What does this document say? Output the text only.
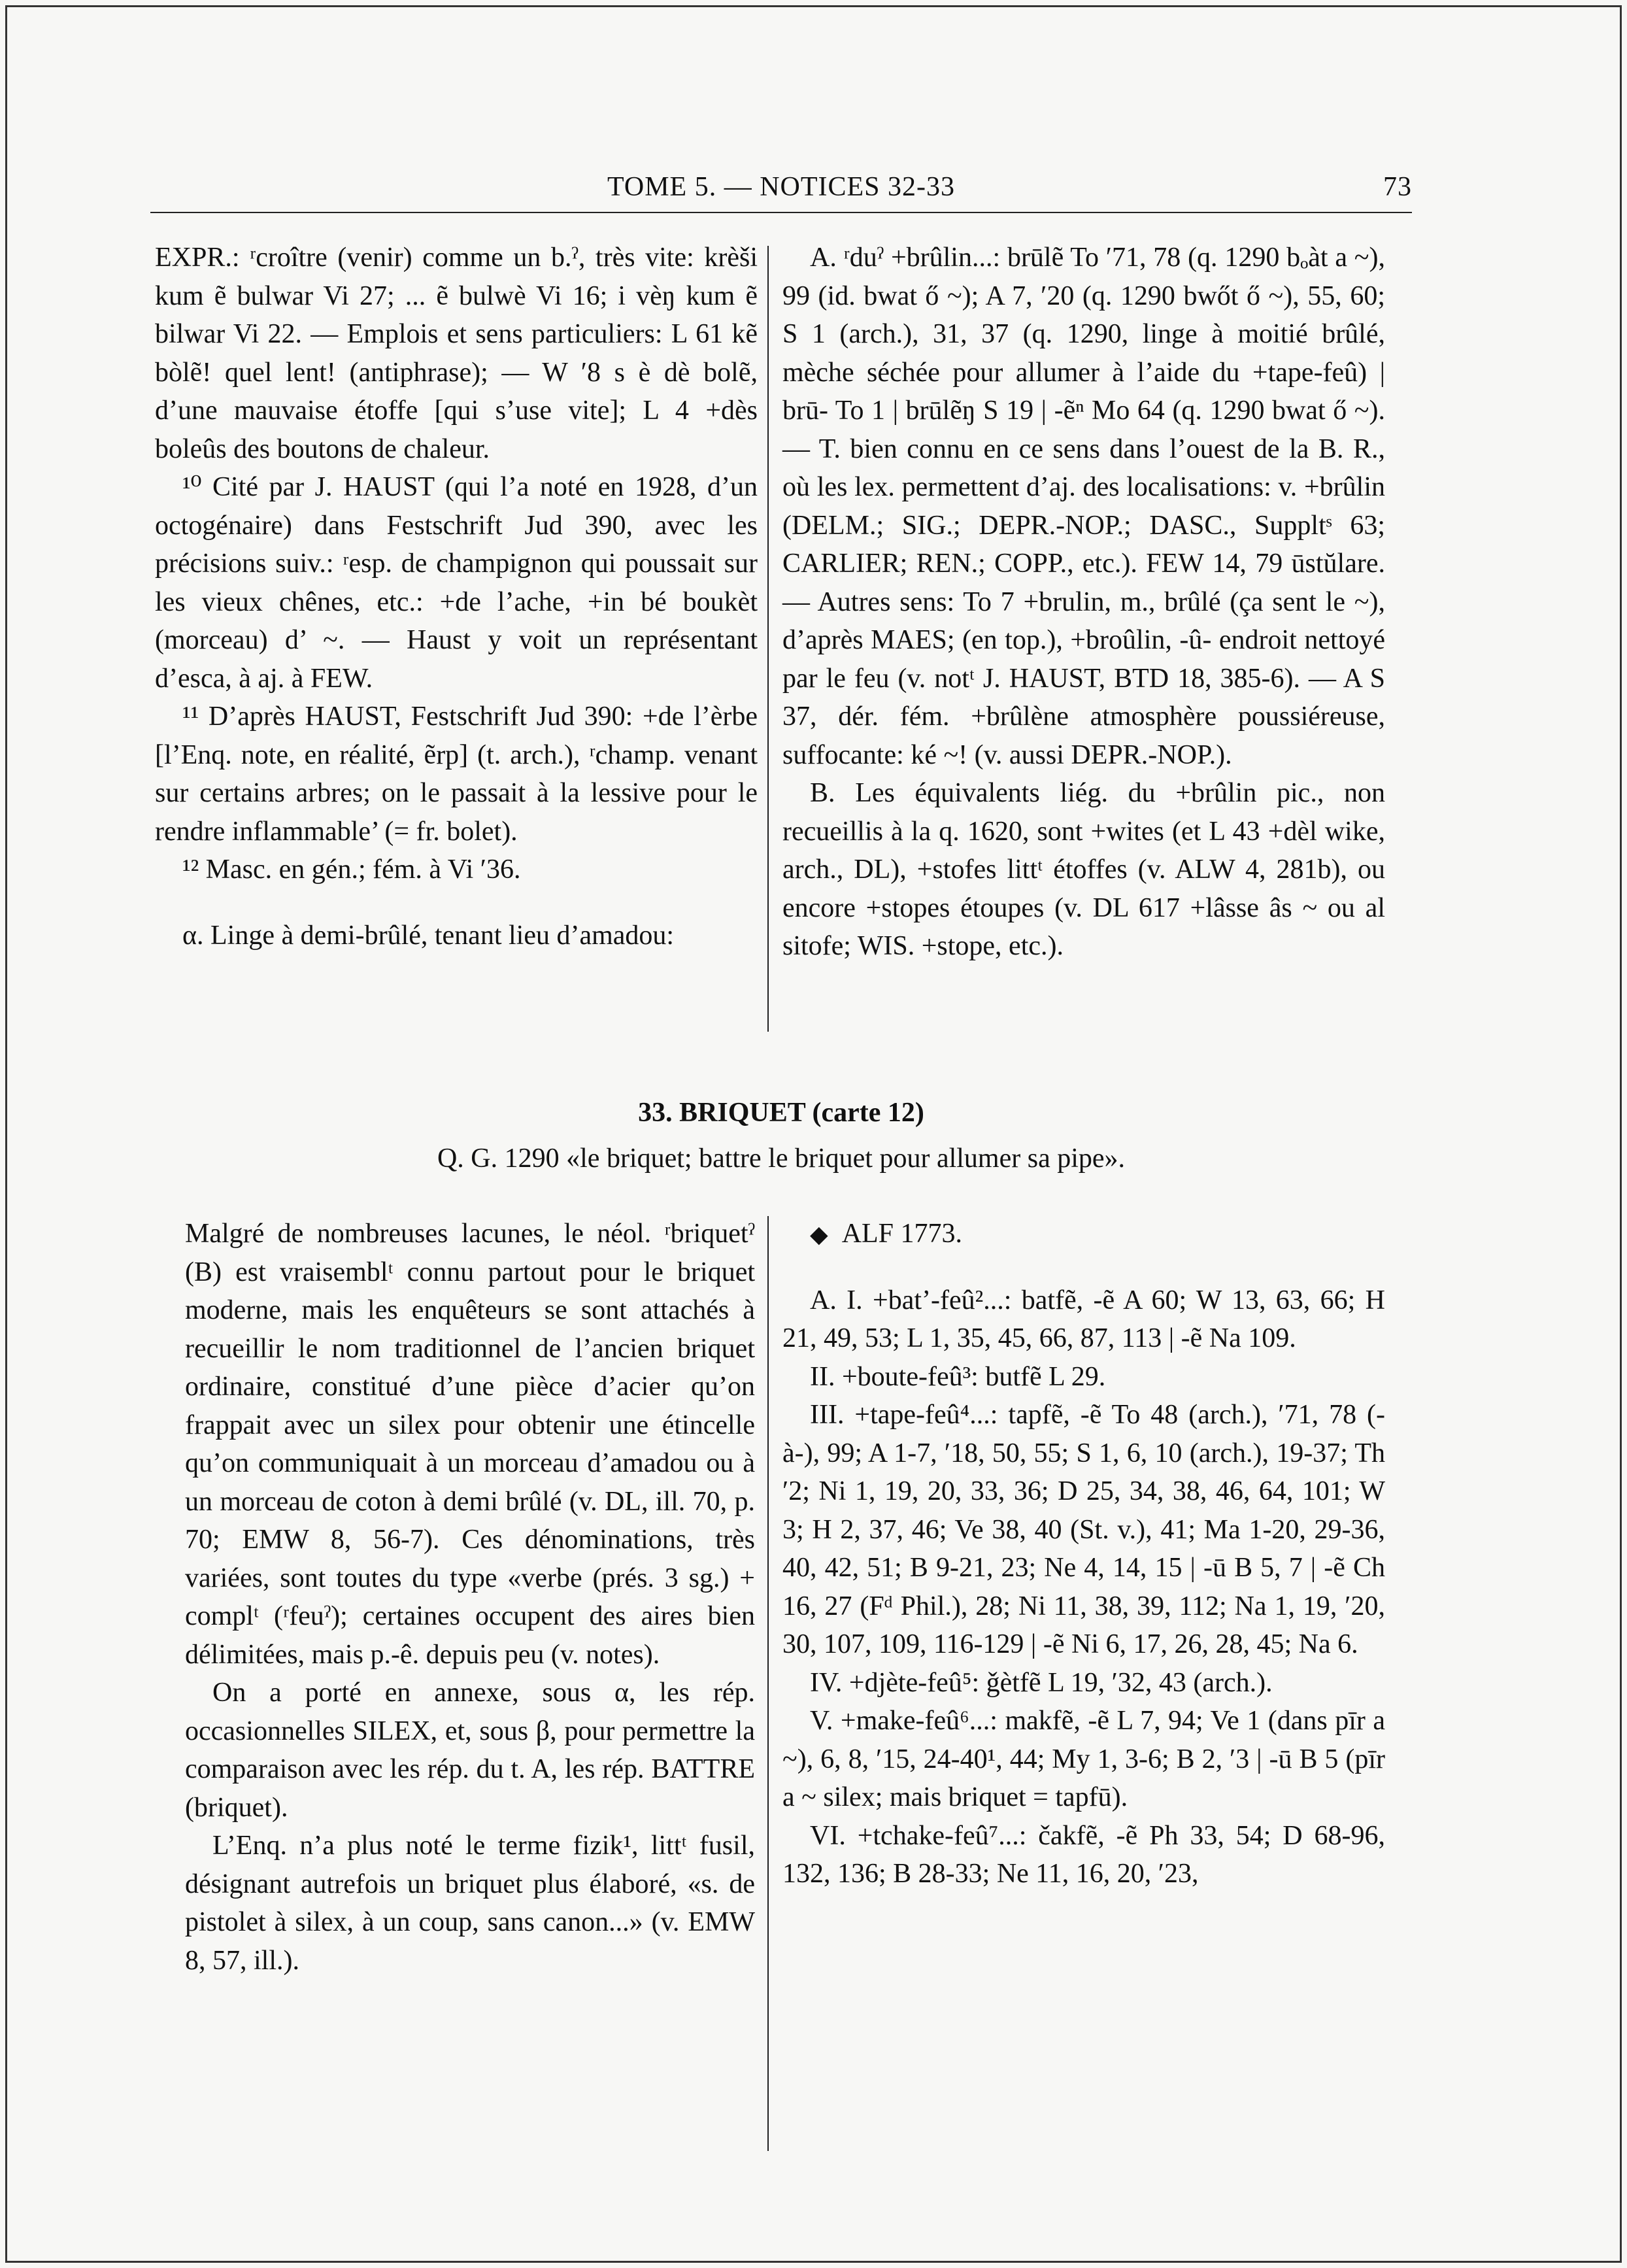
TOME 5. — NOTICES 32-33	73

EXPR.: ʳcroître (venir) comme un b.ˀ, très vite: krèši kum ẽ bulwar Vi 27; ... ẽ bulwè Vi 16; i vèŋ kum ẽ bilwar Vi 22. — Emplois et sens particuliers: L 61 kẽ bòlẽ! quel lent! (antiphrase); — W ′8 s è dè bolẽ, d’une mauvaise étoffe [qui s’use vite]; L 4 +dès boleûs des boutons de chaleur.

¹⁰ Cité par J. HAUST (qui l’a noté en 1928, d’un octogénaire) dans Festschrift Jud 390, avec les précisions suiv.: ʳesp. de champignon qui poussait sur les vieux chênes, etc.: +de l’ache, +in bé boukèt (morceau) d’ ~. — Haust y voit un représentant d’esca, à aj. à FEW.

¹¹ D’après HAUST, Festschrift Jud 390: +de l’èrbe [l’Enq. note, en réalité, ẽrp] (t. arch.), ʳchamp. venant sur certains arbres; on le passait à la lessive pour le rendre inflammable’ (= fr. bolet).

¹² Masc. en gén.; fém. à Vi ′36.

α. Linge à demi-brûlé, tenant lieu d’amadou:

A. ʳduˀ +brûlin...: brūlẽ To ′71, 78 (q. 1290 bₒàt a ~), 99 (id. bwat ő ~); A 7, ′20 (q. 1290 bwőt ő ~), 55, 60; S 1 (arch.), 31, 37 (q. 1290, linge à moitié brûlé, mèche séchée pour allumer à l’aide du +tape-feû) | brū- To 1 | brūlẽŋ S 19 | -ẽⁿ Mo 64 (q. 1290 bwat ő ~). — T. bien connu en ce sens dans l’ouest de la B. R., où les lex. permettent d’aj. des localisations: v. +brûlin (DELM.; SIG.; DEPR.-NOP.; DASC., Suppltˢ 63; CARLIER; REN.; COPP., etc.). FEW 14, 79 ūstŭlare. — Autres sens: To 7 +brulin, m., brûlé (ça sent le ~), d’après MAES; (en top.), +broûlin, -û- endroit nettoyé par le feu (v. notᵗ J. HAUST, BTD 18, 385-6). — A S 37, dér. fém. +brûlène atmosphère poussiéreuse, suffocante: ké ~! (v. aussi DEPR.-NOP.).

B. Les équivalents liég. du +brûlin pic., non recueillis à la q. 1620, sont +wites (et L 43 +dèl wike, arch., DL), +stofes littᵗ étoffes (v. ALW 4, 281b), ou encore +stopes étoupes (v. DL 617 +lâsse âs ~ ou al sitofe; WIS. +stope, etc.).

33. BRIQUET (carte 12)
Q. G. 1290 «le briquet; battre le briquet pour allumer sa pipe».

Malgré de nombreuses lacunes, le néol. ʳbriquetˀ (B) est vraisemblᵗ connu partout pour le briquet moderne, mais les enquêteurs se sont attachés à recueillir le nom traditionnel de l’ancien briquet ordinaire, constitué d’une pièce d’acier qu’on frappait avec un silex pour obtenir une étincelle qu’on communiquait à un morceau d’amadou ou à un morceau de coton à demi brûlé (v. DL, ill. 70, p. 70; EMW 8, 56-7). Ces dénominations, très variées, sont toutes du type «verbe (prés. 3 sg.) + complᵗ (ʳfeuˀ); certaines occupent des aires bien délimitées, mais p.-ê. depuis peu (v. notes).

On a porté en annexe, sous α, les rép. occasionnelles SILEX, et, sous β, pour permettre la comparaison avec les rép. du t. A, les rép. BATTRE (briquet).

L’Enq. n’a plus noté le terme fizik¹, littᵗ fusil, désignant autrefois un briquet plus élaboré, «s. de pistolet à silex, à un coup, sans canon...» (v. EMW 8, 57, ill.).

◆ ALF 1773.

A. I. +bat’-feû²...: batfẽ, -ẽ A 60; W 13, 63, 66; H 21, 49, 53; L 1, 35, 45, 66, 87, 113 | -ẽ Na 109.

II. +boute-feû³: butfẽ L 29.

III. +tape-feû⁴...: tapfẽ, -ẽ To 48 (arch.), ′71, 78 (-à-), 99; A 1-7, ′18, 50, 55; S 1, 6, 10 (arch.), 19-37; Th ′2; Ni 1, 19, 20, 33, 36; D 25, 34, 38, 46, 64, 101; W 3; H 2, 37, 46; Ve 38, 40 (St. v.), 41; Ma 1-20, 29-36, 40, 42, 51; B 9-21, 23; Ne 4, 14, 15 | -ū B 5, 7 | -ẽ Ch 16, 27 (Fᵈ Phil.), 28; Ni 11, 38, 39, 112; Na 1, 19, ′20, 30, 107, 109, 116-129 | -ẽ Ni 6, 17, 26, 28, 45; Na 6.

IV. +djète-feû⁵: ǧètfẽ L 19, ′32, 43 (arch.).

V. +make-feû⁶...: makfẽ, -ẽ L 7, 94; Ve 1 (dans pīr a ~), 6, 8, ′15, 24-40¹, 44; My 1, 3-6; B 2, ′3 | -ū B 5 (pīr a ~ silex; mais briquet = tapfū).

VI. +tchake-feû⁷...: čakfẽ, -ẽ Ph 33, 54; D 68-96, 132, 136; B 28-33; Ne 11, 16, 20, ′23,
